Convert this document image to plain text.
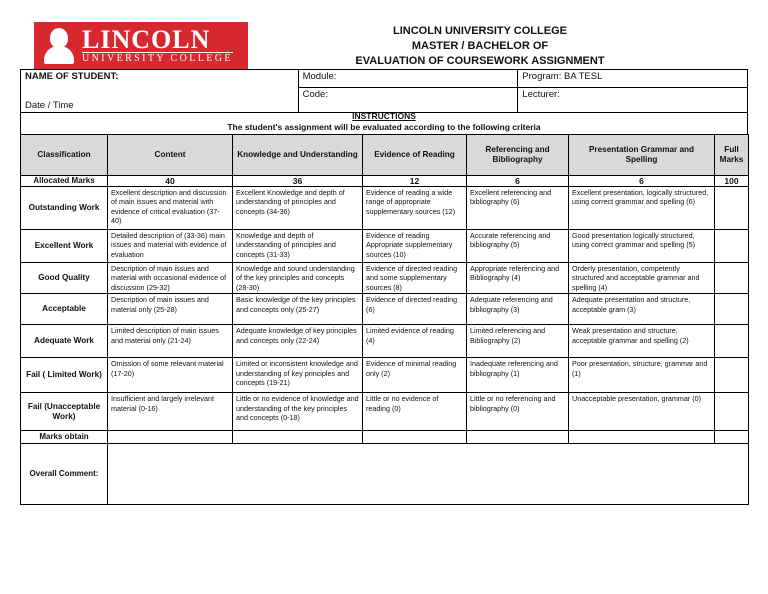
LINCOLN
UNIVERSITY COLLEGE
LINCOLN UNIVERSITY COLLEGE
MASTER / BACHELOR OF
EVALUATION OF COURSEWORK ASSIGNMENT
NAME OF STUDENT:
Date / Time	Module:	Program: BA TESL
	Code:	Lecturer:
INSTRUCTIONS
The student's assignment will be evaluated according to the following criteria
Classification	Content	Knowledge and Understanding	Evidence of Reading	Referencing and Bibliography	Presentation Grammar and Spelling	Full Marks
Allocated Marks	40	36	12	6	6	100
Outstanding Work	Excellent description and discussion of main issues and material with evidence of critical evaluation (37-40)	Excellent Knowledge and depth of understanding of principles and concepts (34-36)	Evidence of reading a wide range of appropriate supplementary sources (12)	Excellent referencing and bibliography (6)	Excellent presentation, logically structured, using correct grammar and spelling (6)	
Excellent Work	Detailed description of (33-36) main issues and material with evidence of evaluation	Knowledge and depth of understanding of principles and concepts (31-33)	Evidence of reading Appropriate supplementary sources (10)	Accurate referencing and bibliography (5)	Good presentation logically structured, using correct grammar and spelling (5)	
Good Quality	Description of main issues and material with occasional evidence of discussion (29-32)	Knowledge and sound understanding of the key principles and concepts (28-30)	Evidence of directed reading and some supplementary sources (8)	Appropriate referencing and Bibliography (4)	Orderly presentation, competently structured and acceptable grammar and spelling (4)	
Acceptable	Description of main issues and material only (25-28)	Basic knowledge of the key principles and concepts only (25-27)	Evidence of directed reading (6)	Adequate referencing and bibliography (3)	Adequate presentation and structure, acceptable gram (3)	
Adequate Work	Limited description of main issues and material only (21-24)	Adequate knowledge of key principles and concepts only (22-24)	Limited evidence of reading (4)	Limited referencing and Bibliography (2)	Weak presentation and structure, acceptable grammar and spelling (2)	
Fail ( Limited Work)	Omission of some relevant material (17-20)	Limited or inconsistent knowledge and understanding of key principles and concepts (19-21)	Evidence of minimal reading only (2)	Inadequate referencing and bibliography (1)	Poor presentation, structure, grammar and (1)	
Fail (Unacceptable Work)	Insufficient and largely irrelevant material (0-16)	Little or no evidence of knowledge and understanding of the key principles and concepts (0-18)	Little or no evidence of reading (0)	Little or no referencing and bibliography (0)	Unacceptable presentation, grammar (0)	
Marks obtain						
Overall Comment:						
